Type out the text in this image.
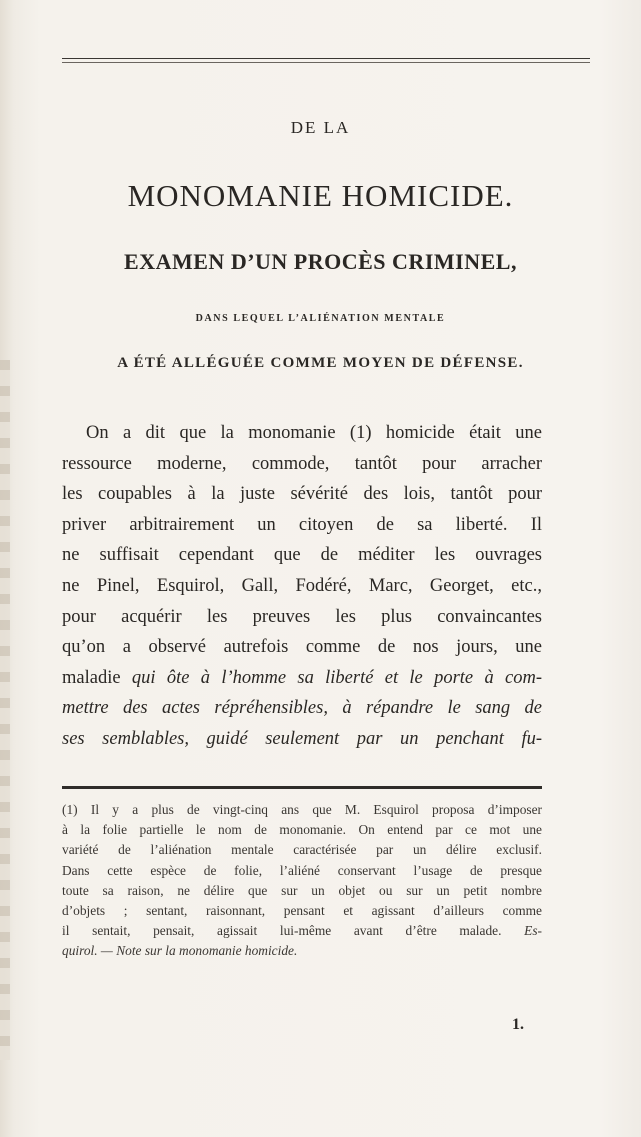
DE LA
MONOMANIE HOMICIDE.
EXAMEN D’UN PROCÈS CRIMINEL,
DANS LEQUEL L’ALIÉNATION MENTALE
A ÉTÉ ALLÉGUÉE COMME MOYEN DE DÉFENSE.
On a dit que la monomanie (1) homicide était une
ressource moderne, commode, tantôt pour arracher
les coupables à la juste sévérité des lois, tantôt pour
priver arbitrairement un citoyen de sa liberté. Il
ne suffisait cependant que de méditer les ouvrages
ne Pinel, Esquirol, Gall, Fodéré, Marc, Georget, etc.,
pour acquérir les preuves les plus convaincantes
qu’on a observé autrefois comme de nos jours, une
maladie qui ôte à l’homme sa liberté et le porte à com-
mettre des actes répréhensibles, à répandre le sang de
ses semblables, guidé seulement par un penchant fu-
(1) Il y a plus de vingt-cinq ans que M. Esquirol proposa d’imposer
à la folie partielle le nom de monomanie. On entend par ce mot une
variété de l’aliénation mentale caractérisée par un délire exclusif.
Dans cette espèce de folie, l’aliéné conservant l’usage de presque
toute sa raison, ne délire que sur un objet ou sur un petit nombre
d’objets ; sentant, raisonnant, pensant et agissant d’ailleurs comme
il sentait, pensait, agissait lui-même avant d’être malade. Es-
quirol. — Note sur la monomanie homicide.
1.
